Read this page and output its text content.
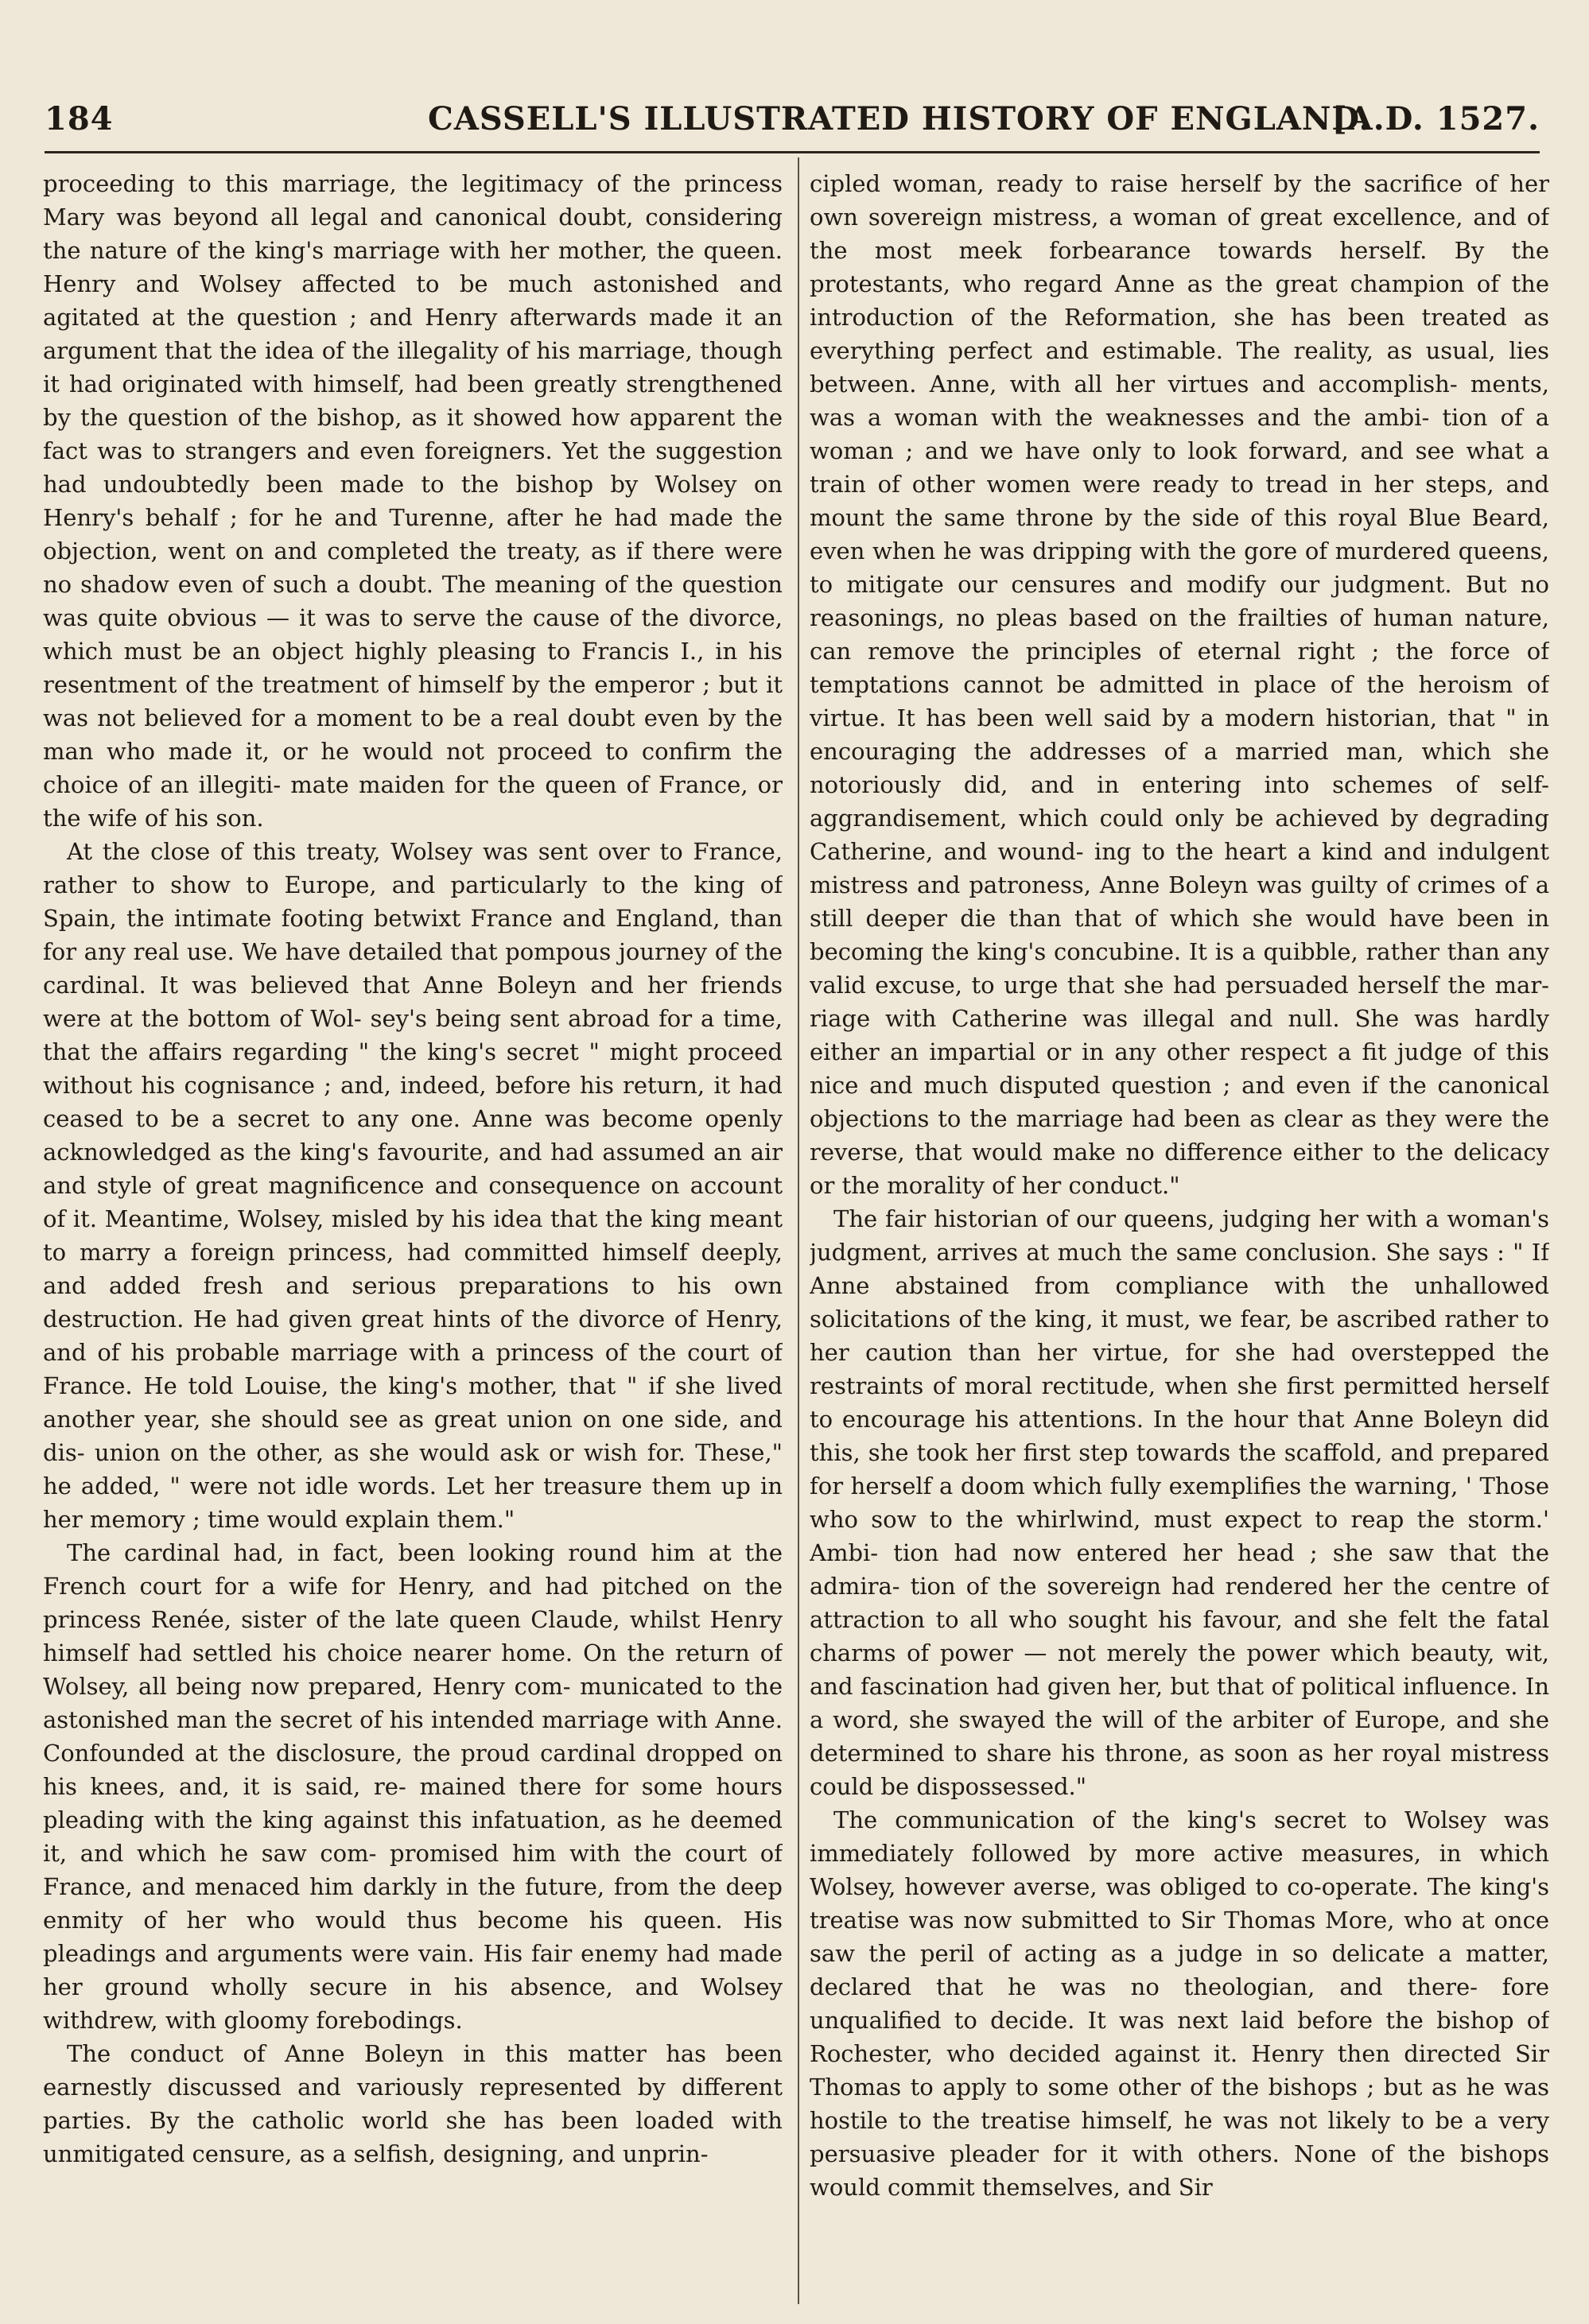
184	CASSELL'S ILLUSTRATED HISTORY OF ENGLAND.
[A.D. 1527.

proceeding to this marriage, the legitimacy of the princess Mary was beyond all legal and canonical doubt, considering the nature of the king's marriage with her mother, the queen. Henry and Wolsey affected to be much astonished and agitated at the question ; and Henry afterwards made it an argument that the idea of the illegality of his marriage, though it had originated with himself, had been greatly strengthened by the question of the bishop, as it showed how apparent the fact was to strangers and even foreigners. Yet the suggestion had undoubtedly been made to the bishop by Wolsey on Henry's behalf ; for he and Turenne, after he had made the objection, went on and completed the treaty, as if there were no shadow even of such a doubt. The meaning of the question was quite obvious — it was to serve the cause of the divorce, which must be an object highly pleasing to Francis I., in his resentment of the treatment of himself by the emperor ; but it was not believed for a moment to be a real doubt even by the man who made it, or he would not proceed to confirm the choice of an illegiti- mate maiden for the queen of France, or the wife of his son.

At the close of this treaty, Wolsey was sent over to France, rather to show to Europe, and particularly to the king of Spain, the intimate footing betwixt France and England, than for any real use. We have detailed that pompous journey of the cardinal. It was believed that Anne Boleyn and her friends were at the bottom of Wol- sey's being sent abroad for a time, that the affairs regarding " the king's secret " might proceed without his cognisance ; and, indeed, before his return, it had ceased to be a secret to any one. Anne was become openly acknowledged as the king's favourite, and had assumed an air and style of great magnificence and consequence on account of it. Meantime, Wolsey, misled by his idea that the king meant to marry a foreign princess, had committed himself deeply, and added fresh and serious preparations to his own destruction. He had given great hints of the divorce of Henry, and of his probable marriage with a princess of the court of France. He told Louise, the king's mother, that " if she lived another year, she should see as great union on one side, and dis- union on the other, as she would ask or wish for. These," he added, " were not idle words. Let her treasure them up in her memory ; time would explain them."

The cardinal had, in fact, been looking round him at the French court for a wife for Henry, and had pitched on the princess Renée, sister of the late queen Claude, whilst Henry himself had settled his choice nearer home. On the return of Wolsey, all being now prepared, Henry com- municated to the astonished man the secret of his intended marriage with Anne. Confounded at the disclosure, the proud cardinal dropped on his knees, and, it is said, re- mained there for some hours pleading with the king against this infatuation, as he deemed it, and which he saw com- promised him with the court of France, and menaced him darkly in the future, from the deep enmity of her who would thus become his queen. His pleadings and arguments were vain. His fair enemy had made her ground wholly secure in his absence, and Wolsey withdrew, with gloomy forebodings.

The conduct of Anne Boleyn in this matter has been earnestly discussed and variously represented by different parties. By the catholic world she has been loaded with unmitigated censure, as a selfish, designing, and unprin-

cipled woman, ready to raise herself by the sacrifice of her own sovereign mistress, a woman of great excellence, and of the most meek forbearance towards herself. By the protestants, who regard Anne as the great champion of the introduction of the Reformation, she has been treated as everything perfect and estimable. The reality, as usual, lies between. Anne, with all her virtues and accomplish- ments, was a woman with the weaknesses and the ambi- tion of a woman ; and we have only to look forward, and see what a train of other women were ready to tread in her steps, and mount the same throne by the side of this royal Blue Beard, even when he was dripping with the gore of murdered queens, to mitigate our censures and modify our judgment. But no reasonings, no pleas based on the frailties of human nature, can remove the principles of eternal right ; the force of temptations cannot be admitted in place of the heroism of virtue. It has been well said by a modern historian, that " in encouraging the addresses of a married man, which she notoriously did, and in entering into schemes of self-aggrandisement, which could only be achieved by degrading Catherine, and wound- ing to the heart a kind and indulgent mistress and patroness, Anne Boleyn was guilty of crimes of a still deeper die than that of which she would have been in becoming the king's concubine. It is a quibble, rather than any valid excuse, to urge that she had persuaded herself the mar- riage with Catherine was illegal and null. She was hardly either an impartial or in any other respect a fit judge of this nice and much disputed question ; and even if the canonical objections to the marriage had been as clear as they were the reverse, that would make no difference either to the delicacy or the morality of her conduct."

The fair historian of our queens, judging her with a woman's judgment, arrives at much the same conclusion. She says : " If Anne abstained from compliance with the unhallowed solicitations of the king, it must, we fear, be ascribed rather to her caution than her virtue, for she had overstepped the restraints of moral rectitude, when she first permitted herself to encourage his attentions. In the hour that Anne Boleyn did this, she took her first step towards the scaffold, and prepared for herself a doom which fully exemplifies the warning, ' Those who sow to the whirlwind, must expect to reap the storm.' Ambi- tion had now entered her head ; she saw that the admira- tion of the sovereign had rendered her the centre of attraction to all who sought his favour, and she felt the fatal charms of power — not merely the power which beauty, wit, and fascination had given her, but that of political influence. In a word, she swayed the will of the arbiter of Europe, and she determined to share his throne, as soon as her royal mistress could be dispossessed."

The communication of the king's secret to Wolsey was immediately followed by more active measures, in which Wolsey, however averse, was obliged to co-operate. The king's treatise was now submitted to Sir Thomas More, who at once saw the peril of acting as a judge in so delicate a matter, declared that he was no theologian, and there- fore unqualified to decide. It was next laid before the bishop of Rochester, who decided against it. Henry then directed Sir Thomas to apply to some other of the bishops ; but as he was hostile to the treatise himself, he was not likely to be a very persuasive pleader for it with others. None of the bishops would commit themselves, and Sir
